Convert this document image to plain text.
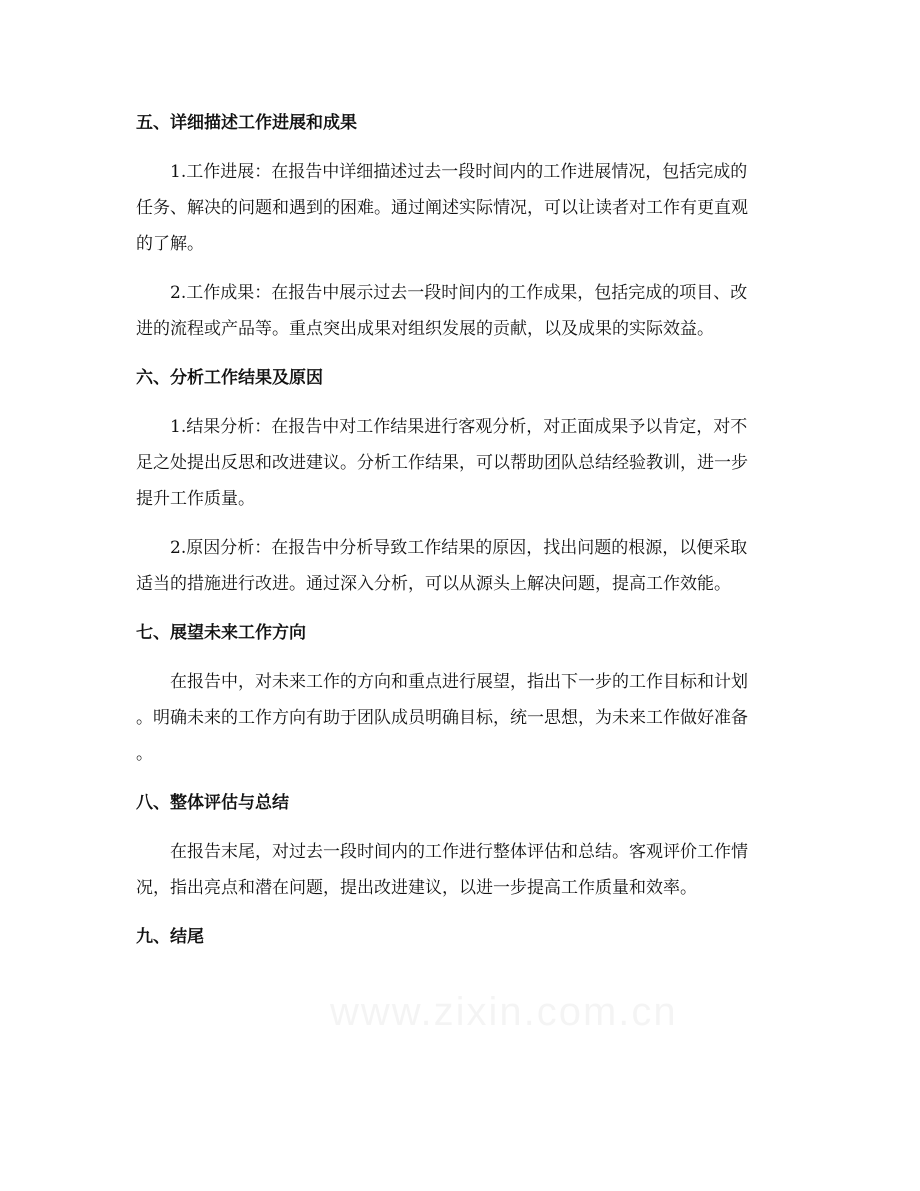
五、详细描述工作进展和成果
1.工作进展：在报告中详细描述过去一段时间内的工作进展情况，包括完成的
任务、解决的问题和遇到的困难。通过阐述实际情况，可以让读者对工作有更直观
的了解。
2.工作成果：在报告中展示过去一段时间内的工作成果，包括完成的项目、改
进的流程或产品等。重点突出成果对组织发展的贡献，以及成果的实际效益。
六、分析工作结果及原因
1.结果分析：在报告中对工作结果进行客观分析，对正面成果予以肯定，对不
足之处提出反思和改进建议。分析工作结果，可以帮助团队总结经验教训，进一步
提升工作质量。
2.原因分析：在报告中分析导致工作结果的原因，找出问题的根源，以便采取
适当的措施进行改进。通过深入分析，可以从源头上解决问题，提高工作效能。
七、展望未来工作方向
在报告中，对未来工作的方向和重点进行展望，指出下一步的工作目标和计划
。明确未来的工作方向有助于团队成员明确目标，统一思想，为未来工作做好准备
。
八、整体评估与总结
在报告末尾，对过去一段时间内的工作进行整体评估和总结。客观评价工作情
况，指出亮点和潜在问题，提出改进建议，以进一步提高工作质量和效率。
九、结尾
